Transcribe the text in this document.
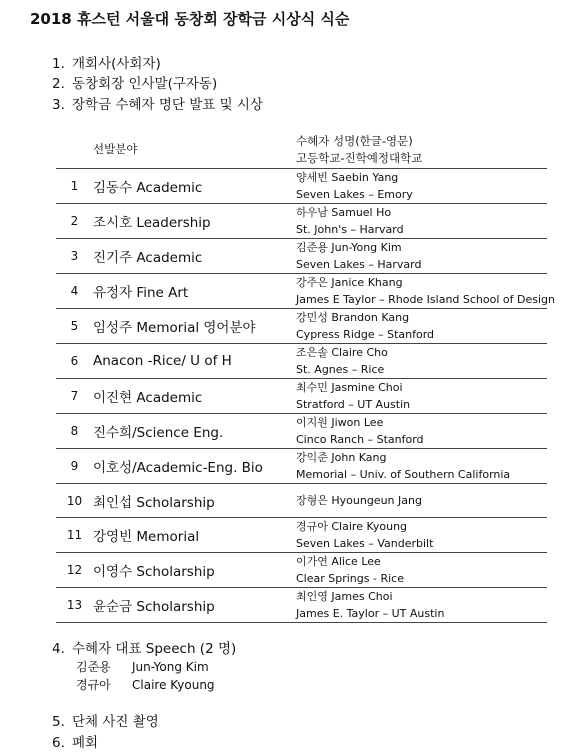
2018 휴스턴 서울대 동창회 장학금 시상식 식순
1. 개회사(사회자)
2. 동창회장 인사말(구자동)
3. 장학금 수혜자 명단 발표 및 시상
선발분야
수혜자 성명(한글-영문)
고등학교-진학예정대학교
1	김동수 Academic	양세빈 Saebin Yang
Seven Lakes – Emory

2	조시호 Leadership	하우남 Samuel Ho
St. John's – Harvard

3	진기주 Academic	김준용 Jun-Yong Kim
Seven Lakes – Harvard

4	유정자 Fine Art	강주은 Janice Khang
James E Taylor – Rhode Island School of Design

5	임성주 Memorial 영어분야	강민성 Brandon Kang
Cypress Ridge – Stanford

6	Anacon -Rice/ U of H	조은솔 Claire Cho
St. Agnes – Rice

7	이진현 Academic	최수민 Jasmine Choi
Stratford – UT Austin

8	진수희/Science Eng.	이지원 Jiwon Lee
Cinco Ranch – Stanford

9	이호성/Academic-Eng. Bio	강익준 John Kang
Memorial – Univ. of Southern California

10	최인섭 Scholarship	장형은 Hyoungeun Jang

11	강영빈 Memorial	경규아 Claire Kyoung
Seven Lakes – Vanderbilt

12	이영수 Scholarship	이가연 Alice Lee
Clear Springs - Rice

13	윤순금 Scholarship	최인영 James Choi
James E. Taylor – UT Austin
4. 수혜자 대표 Speech (2 명)
김준용 Jun-Yong Kim
경규아 Claire Kyoung
5. 단체 사진 촬영
6. 폐회
